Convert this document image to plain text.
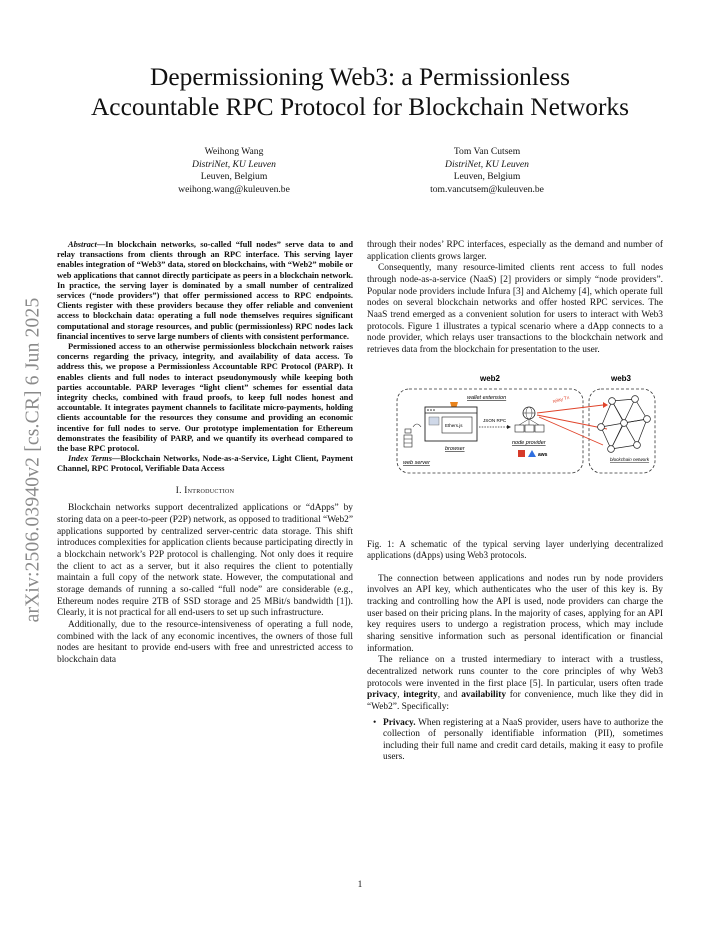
arXiv:2506.03940v2 [cs.CR] 6 Jun 2025
Depermissioning Web3: a Permissionless
Accountable RPC Protocol for Blockchain Networks
Weihong Wang
DistriNet, KU Leuven
Leuven, Belgium
weihong.wang@kuleuven.be
Tom Van Cutsem
DistriNet, KU Leuven
Leuven, Belgium
tom.vancutsem@kuleuven.be

Abstract—In blockchain networks, so-called “full nodes” serve data to and relay transactions from clients through an RPC interface. This serving layer enables integration of “Web3” data, stored on blockchains, with “Web2” mobile or web applications that cannot directly participate as peers in a blockchain network. In practice, the serving layer is dominated by a small number of centralized services (“node providers”) that offer permissioned access to RPC endpoints. Clients register with these providers because they offer reliable and convenient access to blockchain data: operating a full node themselves requires significant computational and storage resources, and public (permissionless) RPC nodes lack financial incentives to serve large numbers of clients with consistent performance.

Permissioned access to an otherwise permissionless blockchain network raises concerns regarding the privacy, integrity, and availability of data access. To address this, we propose a Permissionless Accountable RPC Protocol (PARP). It enables clients and full nodes to interact pseudonymously while keeping both parties accountable. PARP leverages “light client” schemes for essential data integrity checks, combined with fraud proofs, to keep full nodes honest and accountable. It integrates payment channels to facilitate micro-payments, holding clients accountable for the resources they consume and providing an economic incentive for full nodes to serve. Our prototype implementation for Ethereum demonstrates the feasibility of PARP, and we quantify its overhead compared to the base RPC protocol.

Index Terms—Blockchain Networks, Node-as-a-Service, Light Client, Payment Channel, RPC Protocol, Verifiable Data Access

I. Introduction

Blockchain networks support decentralized applications or “dApps” by storing data on a peer-to-peer (P2P) network, as opposed to traditional “Web2” applications supported by centralized server-centric data storage. This shift introduces complexities for application clients because participating directly in a blockchain network’s P2P protocol is challenging. Not only does it require the client to act as a server, but it also requires the client to potentially maintain a full copy of the network state. However, the computational and storage demands of running a so-called “full node” are considerable (e.g., Ethereum nodes require 2TB of SSD storage and 25 MBit/s bandwidth [1]). Clearly, it is not practical for all end-users to set up such infrastructure.

Additionally, due to the resource-intensiveness of operating a full node, combined with the lack of any economic incentives, the owners of those full nodes are hesitant to provide end-users with free and unrestricted access to blockchain data

through their nodes’ RPC interfaces, especially as the demand and number of application clients grows larger.

Consequently, many resource-limited clients rent access to full nodes through node-as-a-service (NaaS) [2] providers or simply “node providers”. Popular node providers include Infura [3] and Alchemy [4], which operate full nodes on several blockchain networks and offer hosted RPC services. The NaaS trend emerged as a convenient solution for users to interact with Web3 protocols. Figure 1 illustrates a typical scenario where a dApp connects to a node provider, which relays user transactions to the blockchain network and retrieves data from the blockchain for presentation to the user.

web2	web3
wallet extension
Ethers.js
browser
web server
JSON RPC
node provider
aws
relay Tx
blockchain network

Fig. 1: A schematic of the typical serving layer underlying decentralized applications (dApps) using Web3 protocols.

The connection between applications and nodes run by node providers involves an API key, which authenticates who the user of this key is. By tracking and controlling how the API is used, node providers can charge the user based on their pricing plans. In the majority of cases, applying for an API key requires users to undergo a registration process, which may include sharing sensitive information such as personal identification or financial information.

The reliance on a trusted intermediary to interact with a trustless, decentralized network runs counter to the core principles of why Web3 protocols were invented in the first place [5]. In particular, users often trade privacy, integrity, and availability for convenience, much like they did in “Web2”. Specifically:

• Privacy. When registering at a NaaS provider, users have to authorize the collection of personally identifiable information (PII), sometimes including their full name and credit card details, making it easy to profile users.
1
